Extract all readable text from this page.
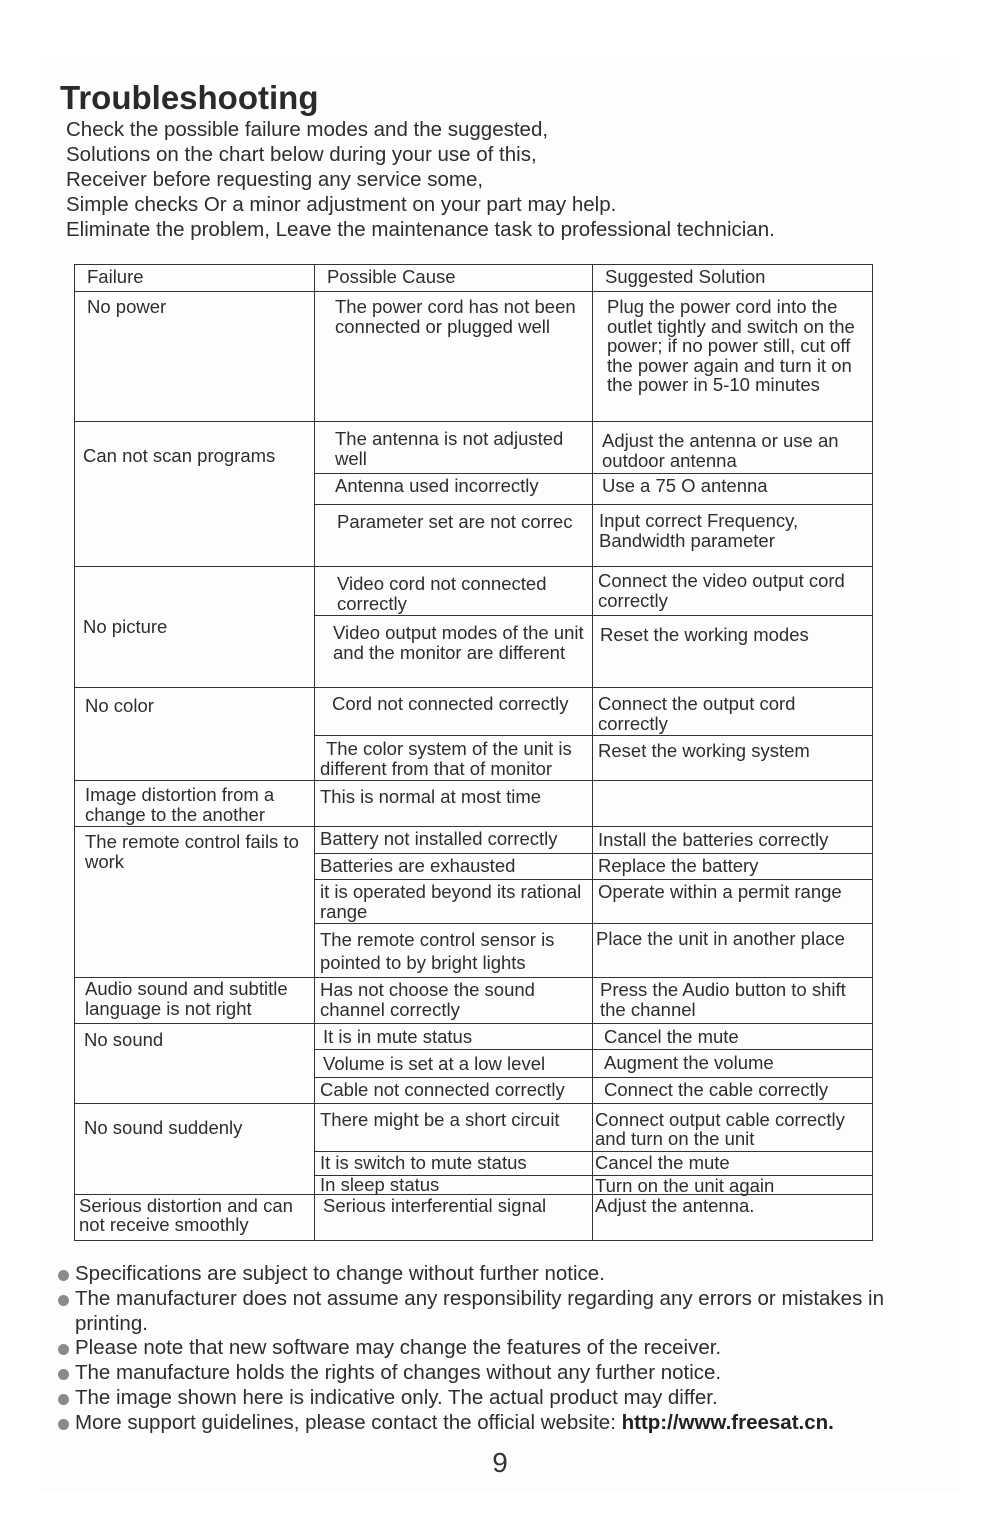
Troubleshooting
Check the possible failure modes and the suggested,
Solutions on the chart below during your use of this,
Receiver before requesting any service some,
Simple checks Or a minor adjustment on your part may help.
Eliminate the problem, Leave the maintenance task to professional technician.
Failure	Possible Cause	Suggested Solution
No power	The power cord has not been connected or plugged well	Plug the power cord into the outlet tightly and switch on the power; if no power still, cut off the power again and turn it on the power in 5-10 minutes
Can not scan programs	The antenna is not adjusted well	Adjust the antenna or use an outdoor antenna
	Antenna used incorrectly	Use a 75 O antenna
	Parameter set are not correc	Input correct Frequency, Bandwidth parameter
No picture	Video cord not connected correctly	Connect the video output cord correctly
	Video output modes of the unit and the monitor are different	Reset the working modes
No color	Cord not connected correctly	Connect the output cord correctly
	The color system of the unit is different from that of monitor	Reset the working system
Image distortion from a change to the another	This is normal at most time	
The remote control fails to work	Battery not installed correctly	Install the batteries correctly
	Batteries are exhausted	Replace the battery
	it is operated beyond its rational range	Operate within a permit range
	The remote control sensor is pointed to by bright lights	Place the unit in another place
Audio sound and subtitle language is not right	Has not choose the sound channel correctly	Press the Audio button to shift the channel
No sound	It is in mute status	Cancel the mute
	Volume is set at a low level	Augment the volume
	Cable not connected correctly	Connect the cable correctly
No sound suddenly	There might be a short circuit	Connect output cable correctly and turn on the unit
	It is switch to mute status	Cancel the mute
	In sleep status	Turn on the unit again
Serious distortion and can not receive smoothly	Serious interferential signal	Adjust the antenna.
Specifications are subject to change without further notice.
The manufacturer does not assume any responsibility regarding any errors or mistakes in printing.
Please note that new software may change the features of the receiver.
The manufacture holds the rights of changes without any further notice.
The image shown here is indicative only. The actual product may differ.
More support guidelines, please contact the official website: http://www.freesat.cn.
9
